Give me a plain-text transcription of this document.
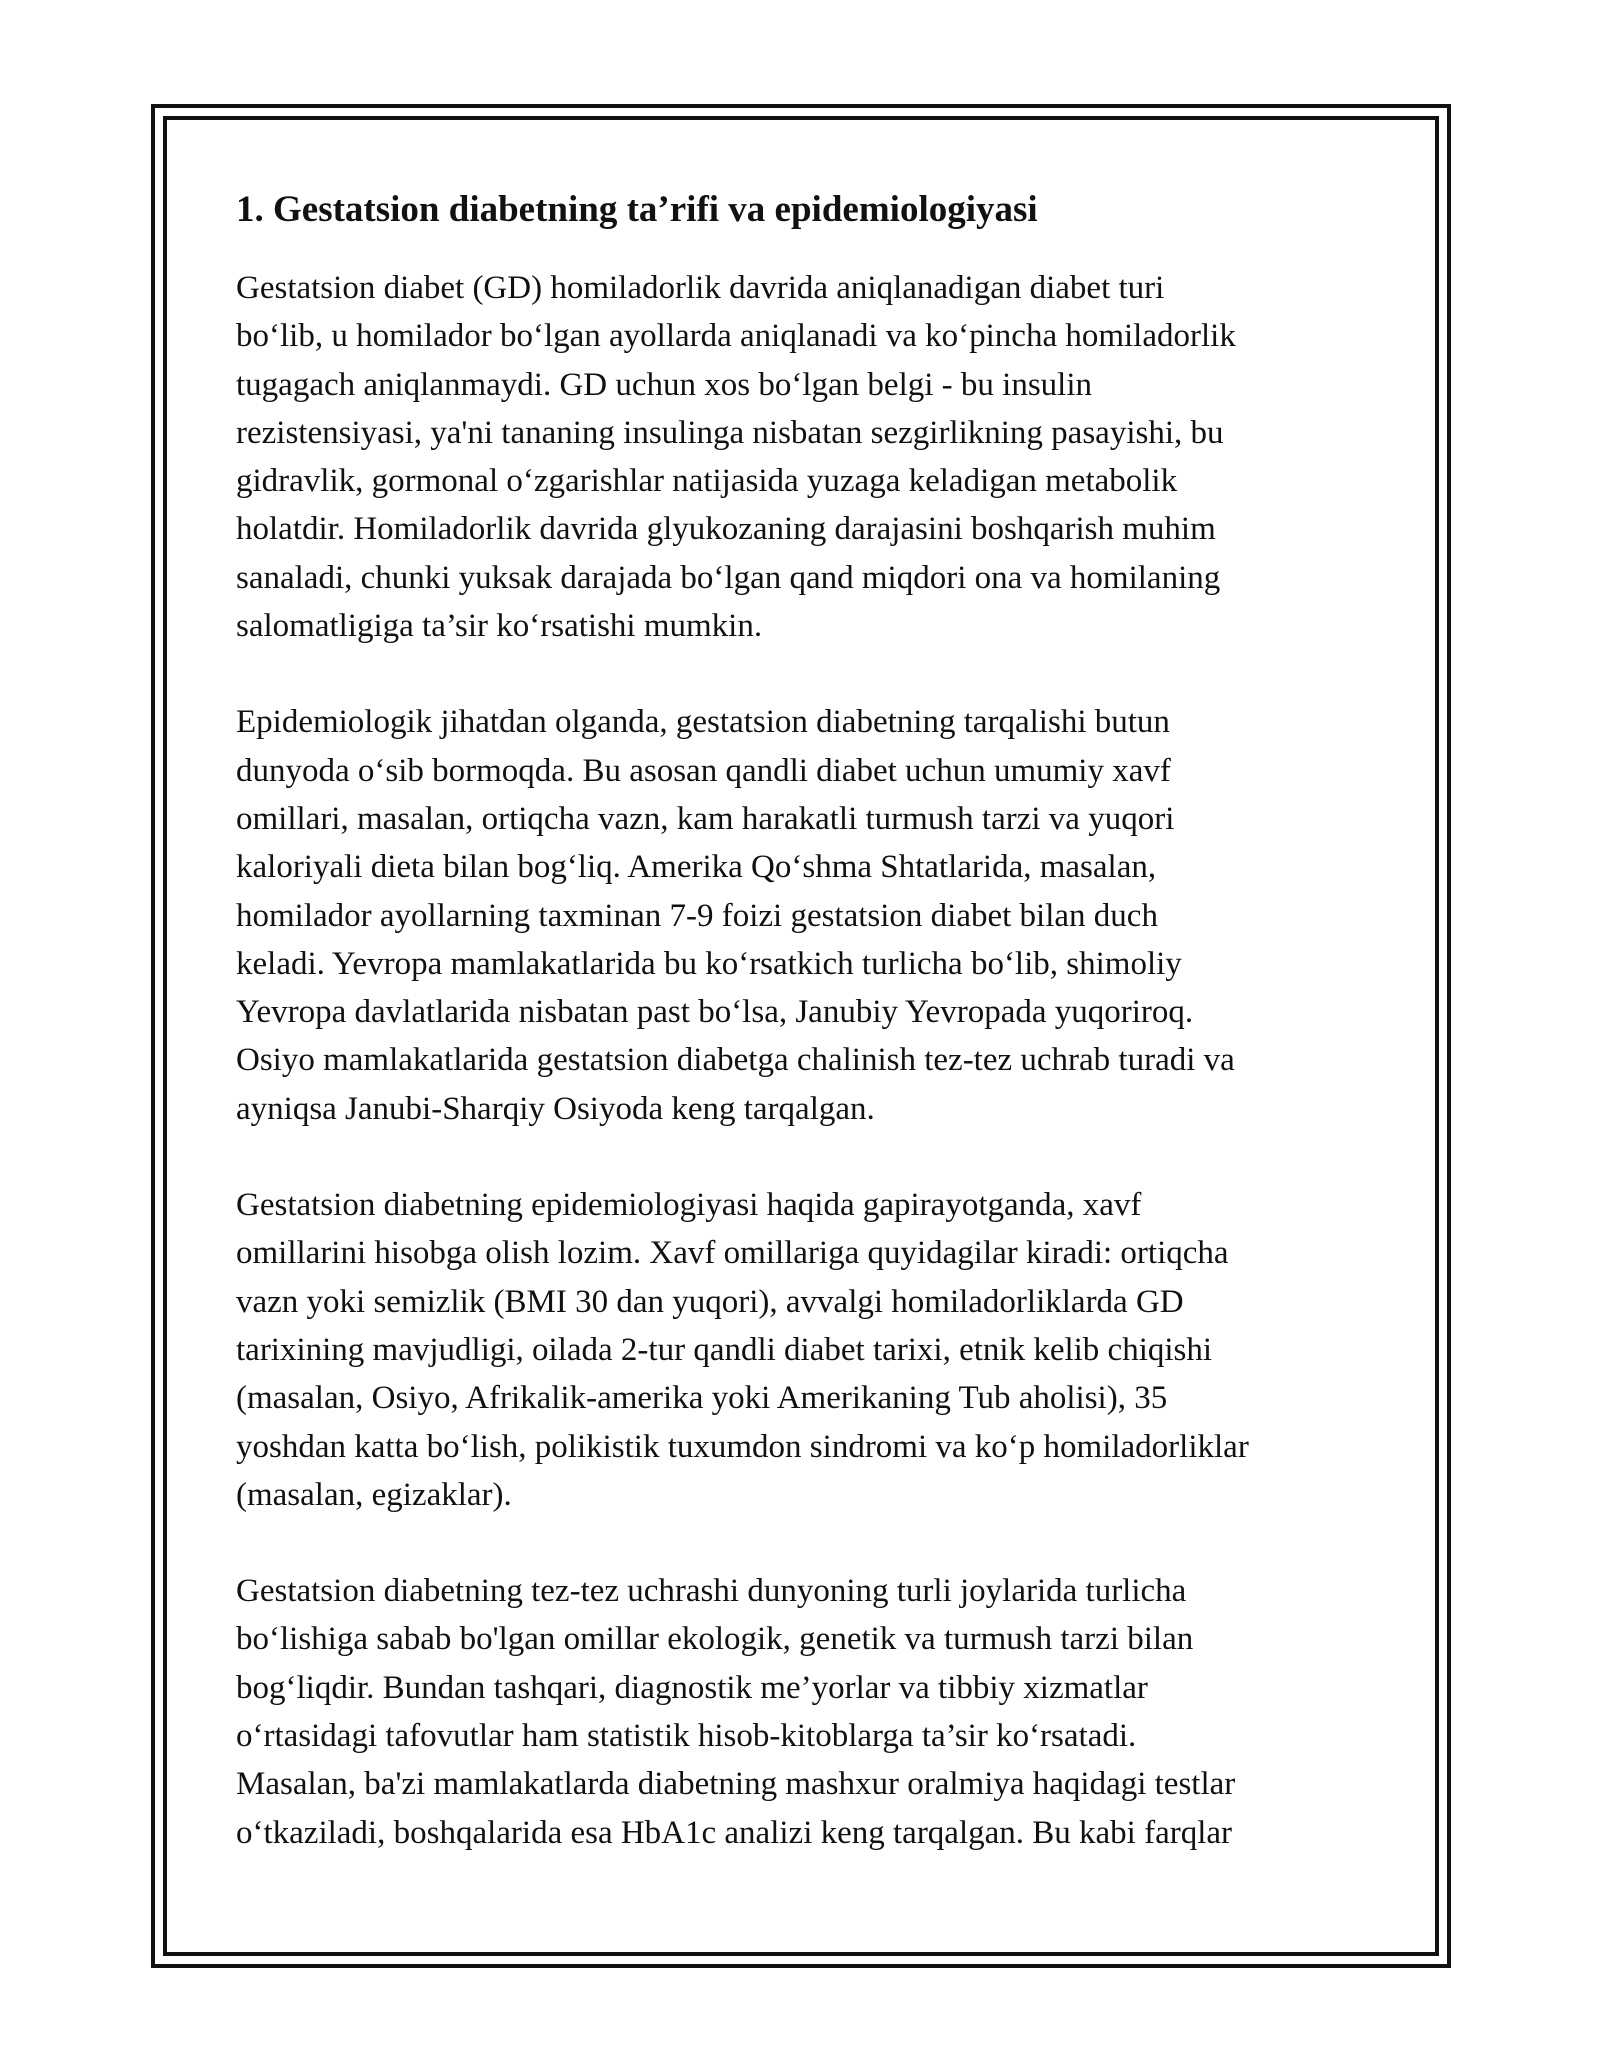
1. Gestatsion diabetning ta’rifi va epidemiologiyasi
Gestatsion diabet (GD) homiladorlik davrida aniqlanadigan diabet turi
bo‘lib, u homilador bo‘lgan ayollarda aniqlanadi va ko‘pincha homiladorlik
tugagach aniqlanmaydi. GD uchun xos bo‘lgan belgi - bu insulin
rezistensiyasi, ya'ni tananing insulinga nisbatan sezgirlikning pasayishi, bu
gidravlik, gormonal o‘zgarishlar natijasida yuzaga keladigan metabolik
holatdir. Homiladorlik davrida glyukozaning darajasini boshqarish muhim
sanaladi, chunki yuksak darajada bo‘lgan qand miqdori ona va homilaning
salomatligiga ta’sir ko‘rsatishi mumkin.
Epidemiologik jihatdan olganda, gestatsion diabetning tarqalishi butun
dunyoda o‘sib bormoqda. Bu asosan qandli diabet uchun umumiy xavf
omillari, masalan, ortiqcha vazn, kam harakatli turmush tarzi va yuqori
kaloriyali dieta bilan bog‘liq. Amerika Qo‘shma Shtatlarida, masalan,
homilador ayollarning taxminan 7-9 foizi gestatsion diabet bilan duch
keladi. Yevropa mamlakatlarida bu ko‘rsatkich turlicha bo‘lib, shimoliy
Yevropa davlatlarida nisbatan past bo‘lsa, Janubiy Yevropada yuqoriroq.
Osiyo mamlakatlarida gestatsion diabetga chalinish tez-tez uchrab turadi va
ayniqsa Janubi-Sharqiy Osiyoda keng tarqalgan.
Gestatsion diabetning epidemiologiyasi haqida gapirayotganda, xavf
omillarini hisobga olish lozim. Xavf omillariga quyidagilar kiradi: ortiqcha
vazn yoki semizlik (BMI 30 dan yuqori), avvalgi homiladorliklarda GD
tarixining mavjudligi, oilada 2-tur qandli diabet tarixi, etnik kelib chiqishi
(masalan, Osiyo, Afrikalik-amerika yoki Amerikaning Tub aholisi), 35
yoshdan katta bo‘lish, polikistik tuxumdon sindromi va ko‘p homiladorliklar
(masalan, egizaklar).
Gestatsion diabetning tez-tez uchrashi dunyoning turli joylarida turlicha
bo‘lishiga sabab bo'lgan omillar ekologik, genetik va turmush tarzi bilan
bog‘liqdir. Bundan tashqari, diagnostik me’yorlar va tibbiy xizmatlar
o‘rtasidagi tafovutlar ham statistik hisob-kitoblarga ta’sir ko‘rsatadi.
Masalan, ba'zi mamlakatlarda diabetning mashxur oralmiya haqidagi testlar
o‘tkaziladi, boshqalarida esa HbA1c analizi keng tarqalgan. Bu kabi farqlar
